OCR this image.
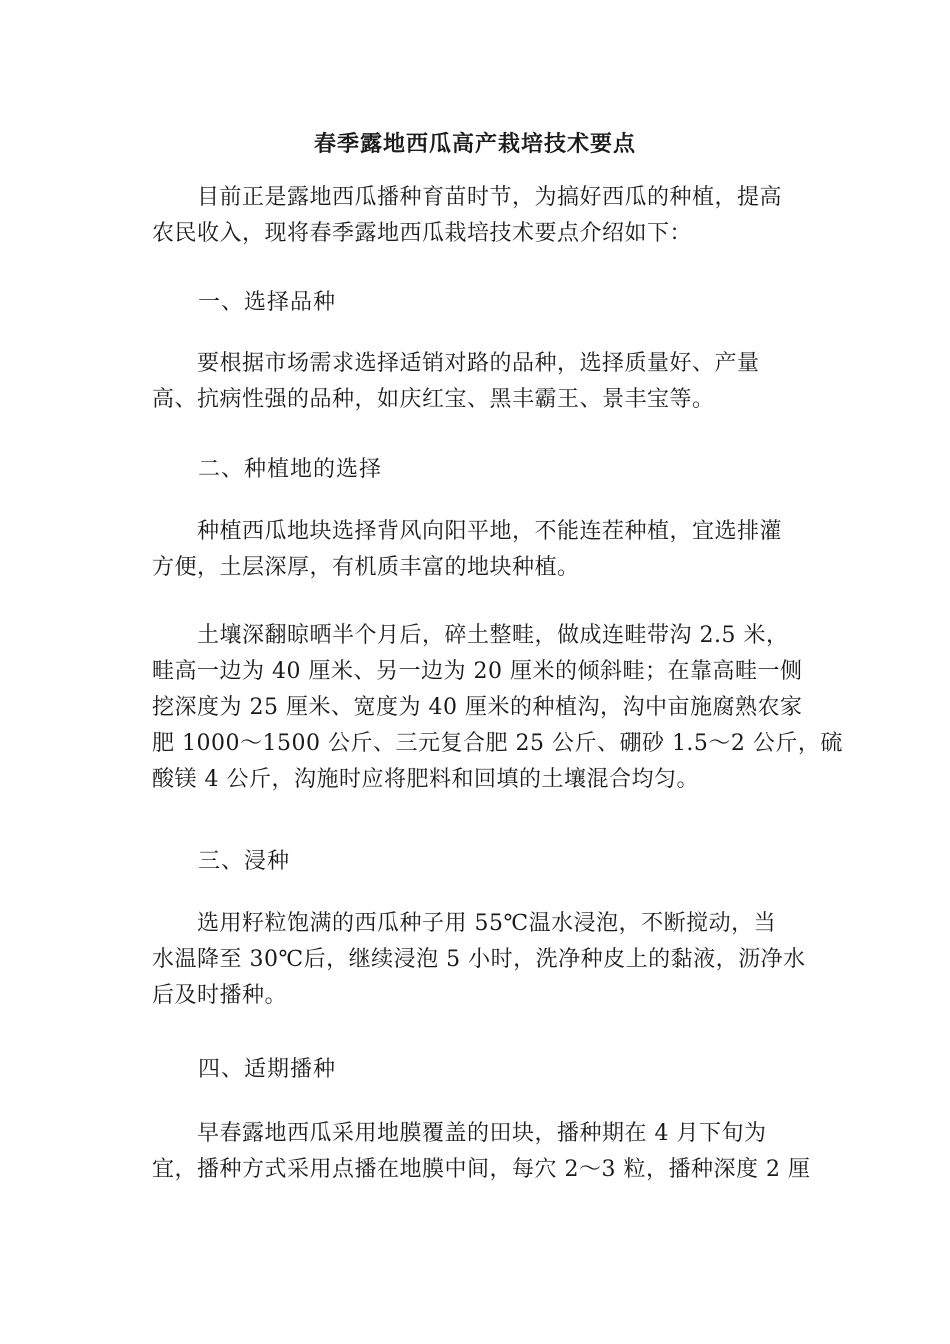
春季露地西瓜高产栽培技术要点

　　目前正是露地西瓜播种育苗时节，为搞好西瓜的种植，提高

农民收入，现将春季露地西瓜栽培技术要点介绍如下：

一、选择品种

　　要根据市场需求选择适销对路的品种，选择质量好、产量

高、抗病性强的品种，如庆红宝、黑丰霸王、景丰宝等。

二、种植地的选择

　　种植西瓜地块选择背风向阳平地，不能连茬种植，宜选排灌

方便，土层深厚，有机质丰富的地块种植。

　　土壤深翻晾晒半个月后，碎土整畦，做成连畦带沟 2.5 米，

畦高一边为 40 厘米、另一边为 20 厘米的倾斜畦；在靠高畦一侧

挖深度为 25 厘米、宽度为 40 厘米的种植沟，沟中亩施腐熟农家

肥 1000～1500 公斤、三元复合肥 25 公斤、硼砂 1.5～2 公斤，硫

酸镁 4 公斤，沟施时应将肥料和回填的土壤混合均匀。

三、浸种

　　选用籽粒饱满的西瓜种子用 55℃温水浸泡，不断搅动，当

水温降至 30℃后，继续浸泡 5 小时，洗净种皮上的黏液，沥净水

后及时播种。

四、适期播种

　　早春露地西瓜采用地膜覆盖的田块，播种期在 4 月下旬为

宜，播种方式采用点播在地膜中间，每穴 2～3 粒，播种深度 2 厘
